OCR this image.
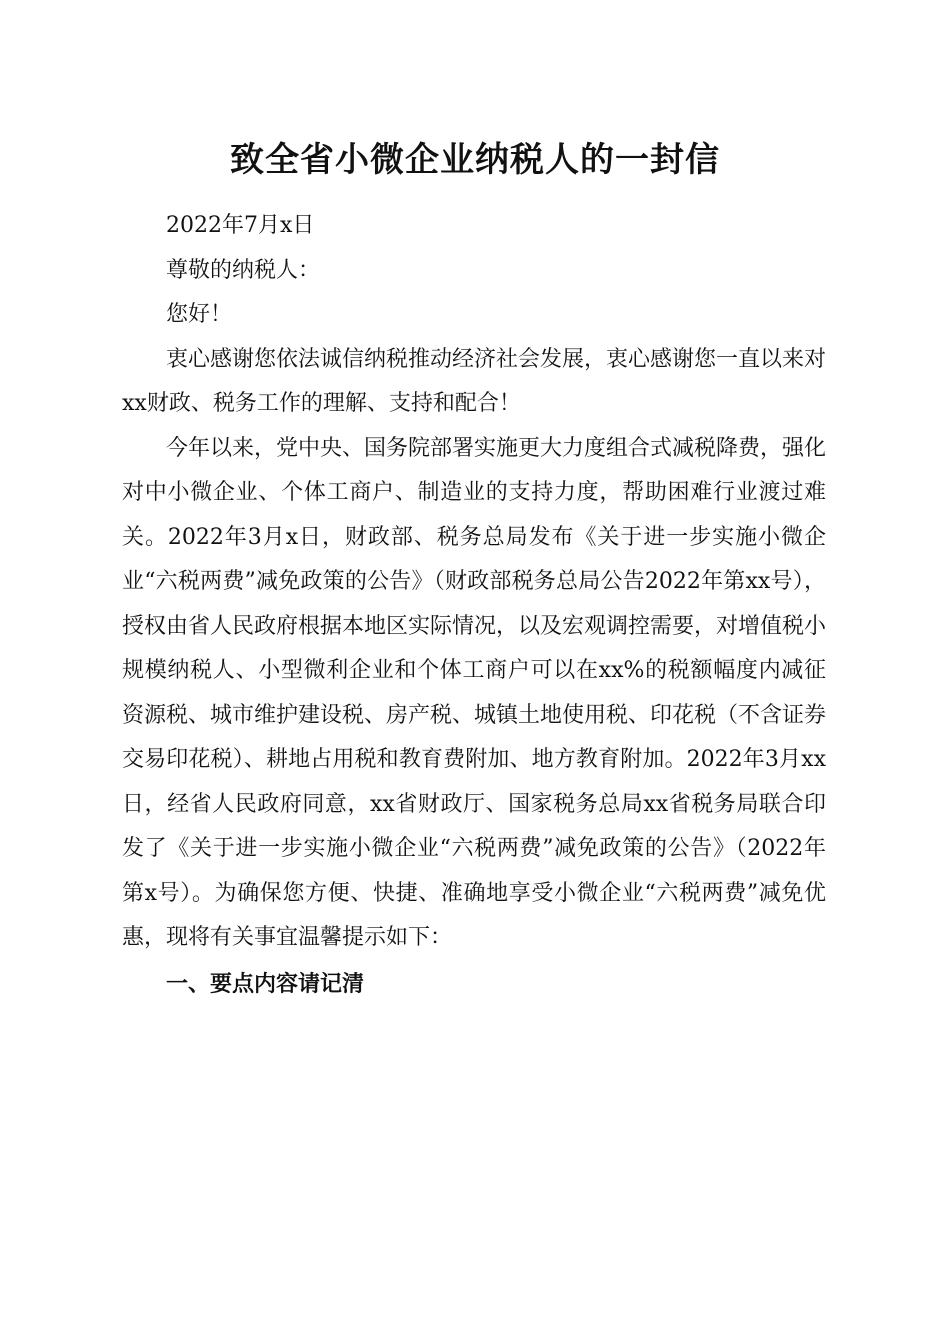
致全省小微企业纳税人的一封信

2022年7月x日

尊敬的纳税人：

您好！

衷心感谢您依法诚信纳税推动经济社会发展，衷心感谢您一直以来对xx财政、税务工作的理解、支持和配合！

今年以来，党中央、国务院部署实施更大力度组合式减税降费，强化对中小微企业、个体工商户、制造业的支持力度，帮助困难行业渡过难关。2022年3月x日，财政部、税务总局发布《关于进一步实施小微企业“六税两费”减免政策的公告》（财政部税务总局公告2022年第xx号），授权由省人民政府根据本地区实际情况，以及宏观调控需要，对增值税小规模纳税人、小型微利企业和个体工商户可以在xx%的税额幅度内减征资源税、城市维护建设税、房产税、城镇土地使用税、印花税（不含证券交易印花税）、耕地占用税和教育费附加、地方教育附加。2022年3月xx日，经省人民政府同意，xx省财政厅、国家税务总局xx省税务局联合印发了《关于进一步实施小微企业“六税两费”减免政策的公告》（2022年第x号）。为确保您方便、快捷、准确地享受小微企业“六税两费”减免优惠，现将有关事宜温馨提示如下：

一、要点内容请记清
